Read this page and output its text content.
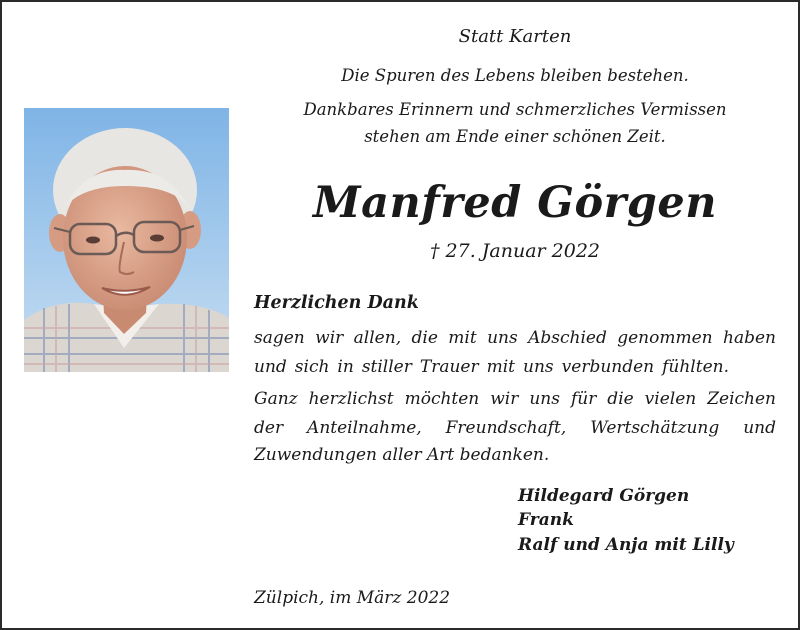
Statt Karten
Die Spuren des Lebens bleiben bestehen.
Dankbares Erinnern und schmerzliches Vermissen
stehen am Ende einer schönen Zeit.
Manfred Görgen
† 27. Januar 2022
Herzlichen Dank
sagen wir allen, die mit uns Abschied genommen haben
und sich in stiller Trauer mit uns verbunden fühlten.
Ganz herzlichst möchten wir uns für die vielen Zeichen
der Anteilnahme, Freundschaft, Wertschätzung und
Zuwendungen aller Art bedanken.
Hildegard Görgen
Frank
Ralf und Anja mit Lilly
Zülpich, im März 2022
